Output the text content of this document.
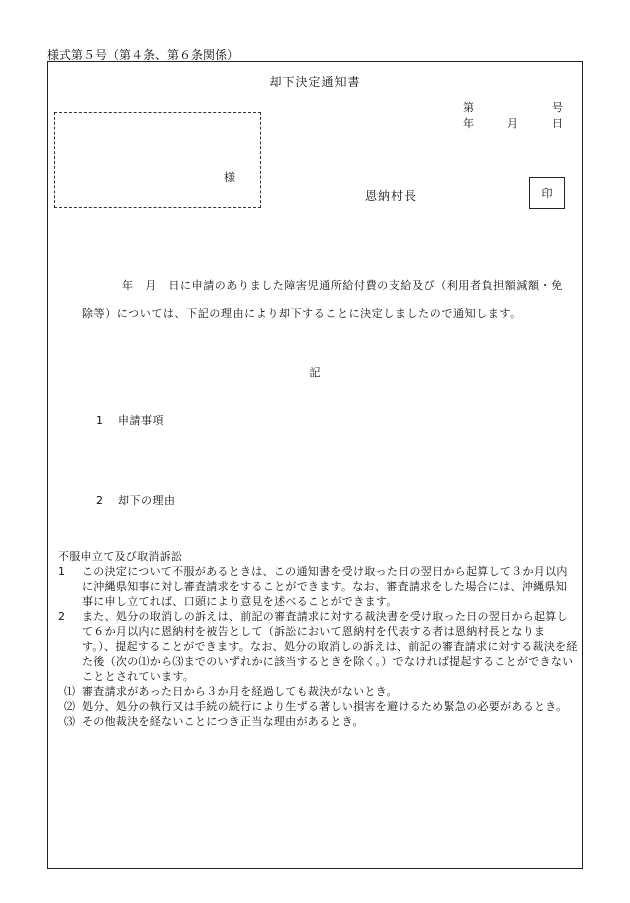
様式第５号（第４条、第６条関係）
却下決定通知書
第	号
年	月	日
様
恩納村長	印
年　月　日に申請のありました障害児通所給付費の支給及び（利用者負担額減額・免除等）については、下記の理由により却下することに決定しましたので通知します。
記
1 申請事項
2 却下の理由
不服申立て及び取消訴訟
1	この決定について不服があるときは、この通知書を受け取った日の翌日から起算して３か月以内に沖縄県知事に対し審査請求をすることができます。なお、審査請求をした場合には、沖縄県知事に申し立てれば、口頭により意見を述べることができます。
2	また、処分の取消しの訴えは、前記の審査請求に対する裁決書を受け取った日の翌日から起算して６か月以内に恩納村を被告として（訴訟において恩納村を代表する者は恩納村長となります。）、提起することができます。なお、処分の取消しの訴えは、前記の審査請求に対する裁決を経た後（次の⑴から⑶までのいずれかに該当するときを除く。）でなければ提起することができないこととされています。
⑴ 審査請求があった日から３か月を経過しても裁決がないとき。
⑵ 処分、処分の執行又は手続の続行により生ずる著しい損害を避けるため緊急の必要があるとき。
⑶ その他裁決を経ないことにつき正当な理由があるとき。
